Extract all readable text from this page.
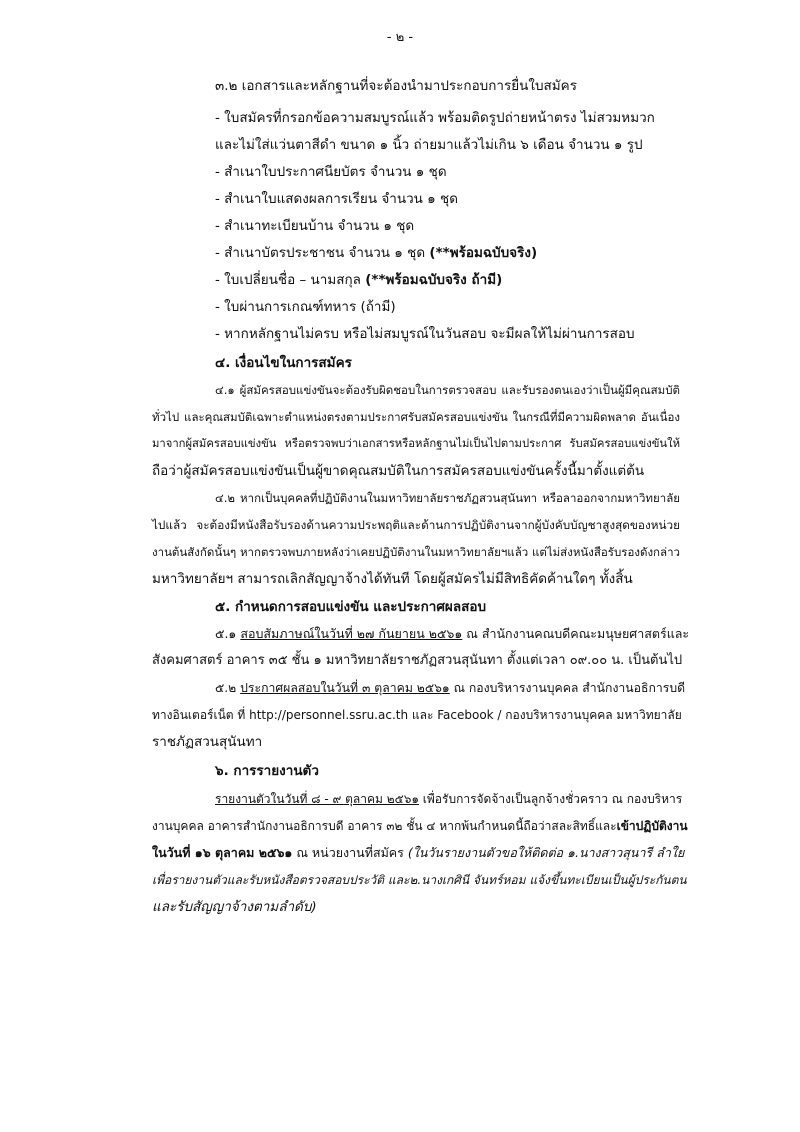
- ๒ -
๓.๒ เอกสารและหลักฐานที่จะต้องนำมาประกอบการยื่นใบสมัคร
- ใบสมัครที่กรอกข้อความสมบูรณ์แล้ว พร้อมติดรูปถ่ายหน้าตรง ไม่สวมหมวก
และไม่ใส่แว่นตาสีดำ ขนาด ๑ นิ้ว ถ่ายมาแล้วไม่เกิน ๖ เดือน จำนวน ๑ รูป
- สำเนาใบประกาศนียบัตร จำนวน ๑ ชุด
- สำเนาใบแสดงผลการเรียน จำนวน ๑ ชุด
- สำเนาทะเบียนบ้าน จำนวน ๑ ชุด
- สำเนาบัตรประชาชน จำนวน ๑ ชุด (**พร้อมฉบับจริง)
- ใบเปลี่ยนชื่อ – นามสกุล (**พร้อมฉบับจริง ถ้ามี)
- ใบผ่านการเกณฑ์ทหาร (ถ้ามี)
- หากหลักฐานไม่ครบ หรือไม่สมบูรณ์ในวันสอบ จะมีผลให้ไม่ผ่านการสอบ
๔. เงื่อนไขในการสมัคร
๔.๑ ผู้สมัครสอบแข่งขันจะต้องรับผิดชอบในการตรวจสอบ และรับรองตนเองว่าเป็นผู้มีคุณสมบัติ
ทั่วไป และคุณสมบัติเฉพาะตำแหน่งตรงตามประกาศรับสมัครสอบแข่งขัน ในกรณีที่มีความผิดพลาด อันเนื่อง
มาจากผู้สมัครสอบแข่งขัน หรือตรวจพบว่าเอกสารหรือหลักฐานไม่เป็นไปตามประกาศ รับสมัครสอบแข่งขันให้
ถือว่าผู้สมัครสอบแข่งขันเป็นผู้ขาดคุณสมบัติในการสมัครสอบแข่งขันครั้งนี้มาตั้งแต่ต้น
๔.๒ หากเป็นบุคคลที่ปฏิบัติงานในมหาวิทยาลัยราชภัฏสวนสุนันทา หรือลาออกจากมหาวิทยาลัย
ไปแล้ว จะต้องมีหนังสือรับรองด้านความประพฤติและด้านการปฏิบัติงานจากผู้บังคับบัญชาสูงสุดของหน่วย
งานต้นสังกัดนั้นๆ หากตรวจพบภายหลังว่าเคยปฏิบัติงานในมหาวิทยาลัยฯแล้ว แต่ไม่ส่งหนังสือรับรองดังกล่าว
มหาวิทยาลัยฯ สามารถเลิกสัญญาจ้างได้ทันที โดยผู้สมัครไม่มีสิทธิคัดค้านใดๆ ทั้งสิ้น
๕. กำหนดการสอบแข่งขัน และประกาศผลสอบ
๕.๑ สอบสัมภาษณ์ในวันที่ ๒๗ กันยายน ๒๕๖๑ ณ สำนักงานคณบดีคณะมนุษยศาสตร์และ
สังคมศาสตร์ อาคาร ๓๕ ชั้น ๑ มหาวิทยาลัยราชภัฏสวนสุนันทา ตั้งแต่เวลา ๐๙.๐๐ น. เป็นต้นไป
๕.๒ ประกาศผลสอบในวันที่ ๓ ตุลาคม ๒๕๖๑ ณ กองบริหารงานบุคคล สำนักงานอธิการบดี
ทางอินเตอร์เน็ต ที่ http://personnel.ssru.ac.th และ Facebook / กองบริหารงานบุคคล มหาวิทยาลัย
ราชภัฏสวนสุนันทา
๖. การรายงานตัว
รายงานตัวในวันที่ ๘ - ๙ ตุลาคม ๒๕๖๑ เพื่อรับการจัดจ้างเป็นลูกจ้างชั่วคราว ณ กองบริหาร
งานบุคคล อาคารสำนักงานอธิการบดี อาคาร ๓๒ ชั้น ๔ หากพ้นกำหนดนี้ถือว่าสละสิทธิ์และเข้าปฏิบัติงาน
ในวันที่ ๑๖ ตุลาคม ๒๕๖๑ ณ หน่วยงานที่สมัคร (ในวันรายงานตัวขอให้ติดต่อ ๑.นางสาวสุนารี ลำใย
เพื่อรายงานตัวและรับหนังสือตรวจสอบประวัติ และ๒.นางเกศินี จันทร์หอม แจ้งขึ้นทะเบียนเป็นผู้ประกันตน
และรับสัญญาจ้างตามลำดับ)
